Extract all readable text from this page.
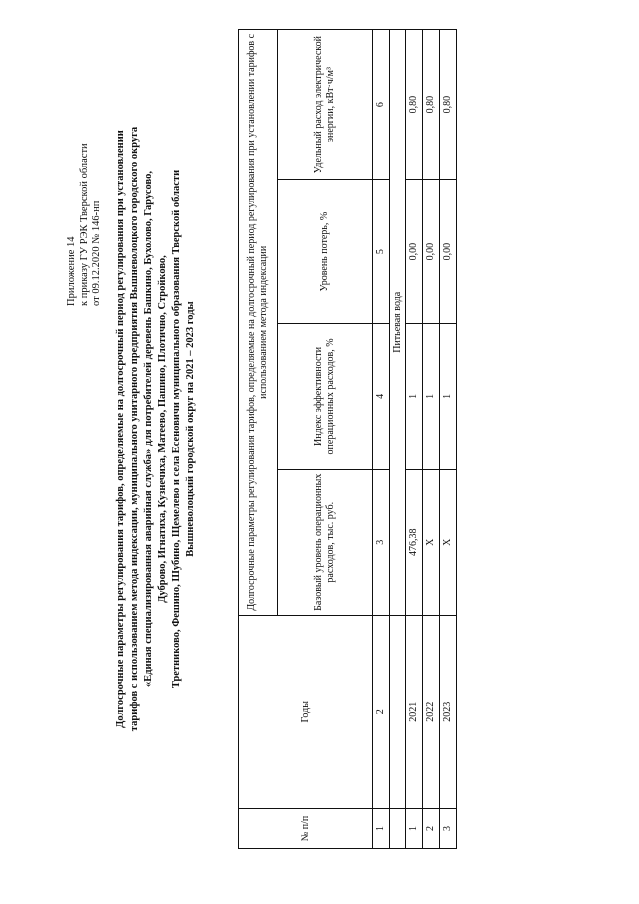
Приложение 14 к приказу ГУ РЭК Тверской области от 09.12.2020 № 146-нп Долгосрочные параметры регулирования тарифов, определяемые на долгосрочный период регулирования при установлении тарифов с использованием метода индексации, муниципального унитарного предприятия Вышневолоцкого городского округа «Единая специализированная аварийная служба» для потребителей деревень Башкино, Бухолово, Гарусово, Дуброво, Игнатиха, Кузнечиха, Матеево, Пашино, Плотично, Стройково, Третниково, Фешино, Шубино, Щемелево и села Есеновичи муниципального образования Тверской области Вышневолоцкий городской округ на 2021 – 2023 годы
№ п/п	Годы	Долгосрочные параметры регулирования тарифов, определяемые на долгосрочный период регулирования при установлении тарифов с использованием метода индексации			
		Базовый уровень операционных расходов, тыс. руб.	Индекс эффективности операционных расходов, %	Уровень потерь, %	Удельный расход электрической энергии, кВт·ч/м³
1	2	3	4	5	6
		Питьевая вода			
1	2021	476,38	1	0,00	0,80
2	2022	Х	1	0,00	0,80
3	2023	Х	1	0,00	0,80
